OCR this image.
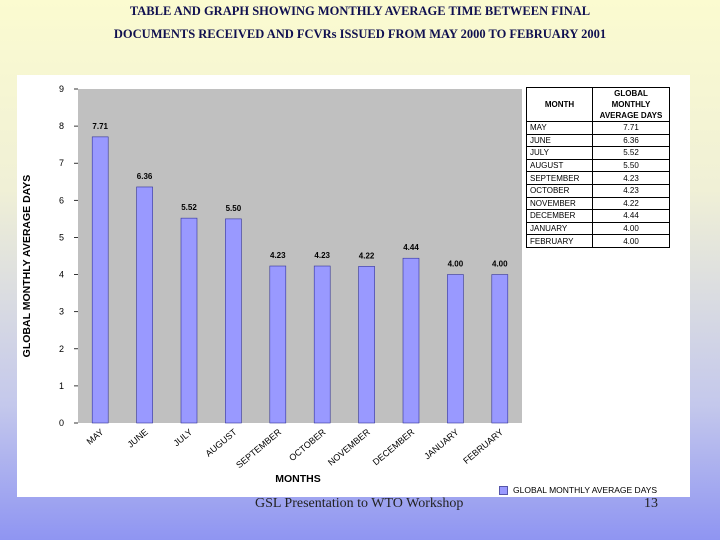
TABLE AND GRAPH SHOWING MONTHLY AVERAGE TIME BETWEEN FINAL
DOCUMENTS RECEIVED AND FCVRs ISSUED FROM MAY 2000 TO FEBRUARY 2001
0
1
2
3
4
5
6
7
8
9
7.71
6.36
5.52	5.50
4.23	4.23	4.22
4.44
4.00	4.00
MAY JUNE JULY AUGUST
SEPTEMBER OCTOBER
NOVEMBER
DECEMBER JANUARY FEBRUARY
GLOBAL MONTHLY AVERAGE DAYS
MONTHS
MONTH	GLOBAL MONTHLY AVERAGE DAYS
MAY	7.71
JUNE	6.36
JULY	5.52
AUGUST	5.50
SEPTEMBER	4.23
OCTOBER	4.23
NOVEMBER	4.22
DECEMBER	4.44
JANUARY	4.00
FEBRUARY	4.00
GLOBAL MONTHLY AVERAGE DAYS
GSL Presentation to WTO Workshop	13
